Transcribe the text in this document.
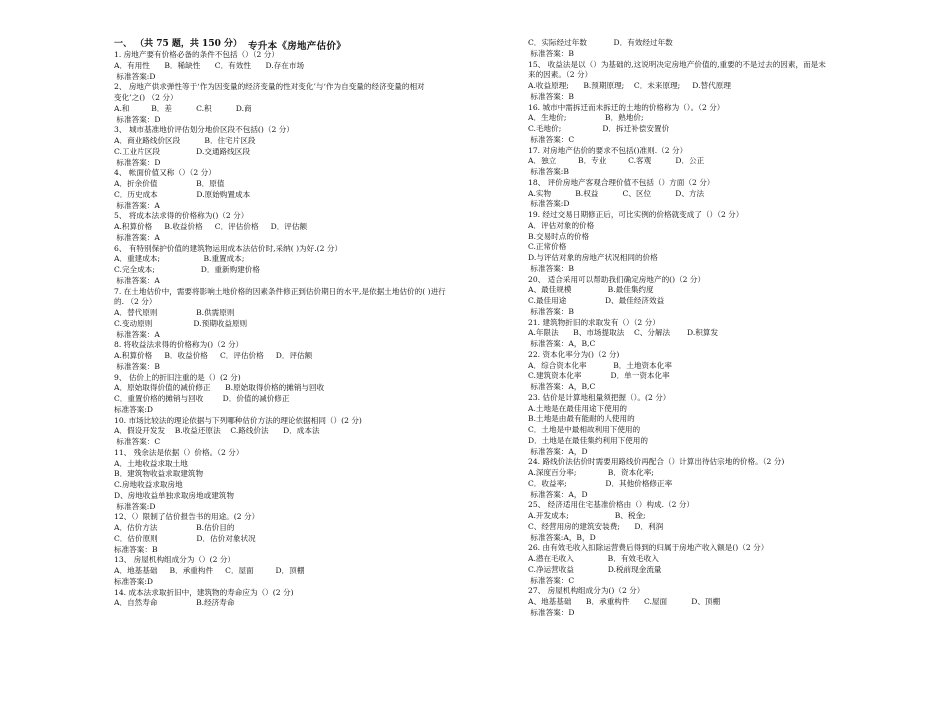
专升本《房地产估价》
一、 （共 75 题，共 150 分）
1. 房地产要有价格必备的条件不包括（）（2 分）
A．有用性      B．稀缺性      C．有效性      D.存在市场
标准答案:D
2、 房地产供求弹性等于‘作为因变量的经济变量的性对变化’与‘作为自变量的经济变量的相对
变化’之() （2 分）
A.和         B．差          C.积          D.商
标准答案：D
3、 城市基准地价评估划分地价区段不包括()（2 分）
A．商业路线价区段          B．住宅片区段
C.工业片区段               D.交通路线区段
标准答案：D
4、 帐面价值又称（）（2 分）
A．折余价值                B．原值
C．历史成本                D.原始购置成本
标准答案：A
5、 将成本法求得的价格称为()（2 分）
A.积算价格     B.收益价格     C．评估价格     D．评估额
标准答案：A
6、 有特别保护价值的建筑物运用成本法估价时,采纳( )为好.(2 分）
A．重建成本;                  B.重置成本;
C.完全成本;                   D．重新购建价格
标准答案：A
7. 在土地估价中，需要将影响土地价格的因素条件修正到估价期日的水平,是依据土地估价的( )进行
的. （2 分）
A．替代原则                B.供需原则
C.变动原则                 D.预期收益原则
标准答案：A
8. 将收益法求得的价格称为()（2 分）
A.积算价格     B．收益价格     C．评估价格     D．评估额
标准答案：B
9、 估价上的折旧注重的是（）(2 分)
A．原始取得价值的减价修正      B.原始取得价格的摊销与回收
C．重置价格的摊销与回收        D．价值的减价修正
标准答案:D
10. 市场比较法的理论依据与下列哪种估价方法的理论依据相同（）(2 分)
A．假设开发发    B.收益还原法    C.路线价法      D．成本法
标准答案：C
11、 残余法是依据（）价格。（2 分）
A．土地收益求取土地
B．建筑物收益求取建筑物
C.房地收益求取房地
D、房地收益单独求取房地或建筑物
标准答案:D
12、（）限制了估价报告书的用途。(2 分）
A．估价方法                B.估价目的
C．估价原则                D．估价对象状况
标准答案：B
13、 房屋机构组成分为（）(2 分）
A．地基基础     B．承重构件     C．屋面         D．顶棚
标准答案:D
14. 成本法求取折旧中，建筑物的寿命应为（）(2 分)
A．自然寿命                B.经济寿命
C．实际经过年数           D．有效经过年数
标准答案：B
15、 收益法是以（）为基础的,这说明决定房地产价值的,重要的不是过去的因素，而是未
来的因素。（2 分）
A.收益原理;      B.预期原理;    C．未来原理;     D.替代原理
标准答案：B
16. 城市中需拆迁而未拆迁的土地的价格称为（）。（2 分）
A．生地价;                B．熟地价;
C.毛地价;                 D．拆迁补偿安置价
标准答案：C
17. 对房地产估价的要求不包括()准则.（2 分）
A．独立         B．专业         C.客观          D．公正
标准答案:B
18、 评价房地产客观合理价值不包括（）方面（2 分）
A.实物          B.权益          C、区位          D、方法
标准答案:D
19. 经过交易日期修正后，可比实例的价格就变成了（）（2 分）
A．评估对象的价格
B.交易时点的价格
C.正常价格
D.与评估对象的房地产状况相同的价格
标准答案：B
20、 适合采用可以帮助我们确定房地产的()（2 分）
A、最佳规模               B.最佳集约度
C.最佳用途                D、最佳经济效益
标准答案：B
21. 建筑物折旧的求取发有（）（2 分）
A.年限法      B、市场提取法    C、分解法       D.积算发
标准答案：A，B,C
22. 资本化率分为()（2 分)
A．综合资本化率           B．土地资本化率
C.建筑资本化率            D．单一资本化率
标准答案：A，B,C
23. 估价是计算地租量须把握（）。(2 分）
A.土地是在最佳用途下使用的
B.土地是由最有能耐的人使用的
C．土地是中最相故利用下使用的
D．土地是在最佳集约利用下使用的
标准答案：A，D
24. 路线价法估价时需要用路线价再配合（）计算出待估宗地的价格。（2 分)
A.深度百分率;             B．资本化率;
C．收益率;                D．其他价格修正率
标准答案：A，D
25、 经济适用住宅基准价格由（）构成.（2 分）
A.开发成本;                   B、税金;
C、经营用房的建筑安装费;      D．利润
标准答案:A，B，D
26. 由有效毛收入扣除运营费后得到的归属于房地产收入额是()（2 分）
A.潜在毛收入              B．有效毛收入
C.净运营收益              D.税前现金流量
标准答案：C
27、 房屋机构组成分为()（2 分）
A、地基基础      B．承重构件      C.屋面          D、顶棚
标准答案：D
